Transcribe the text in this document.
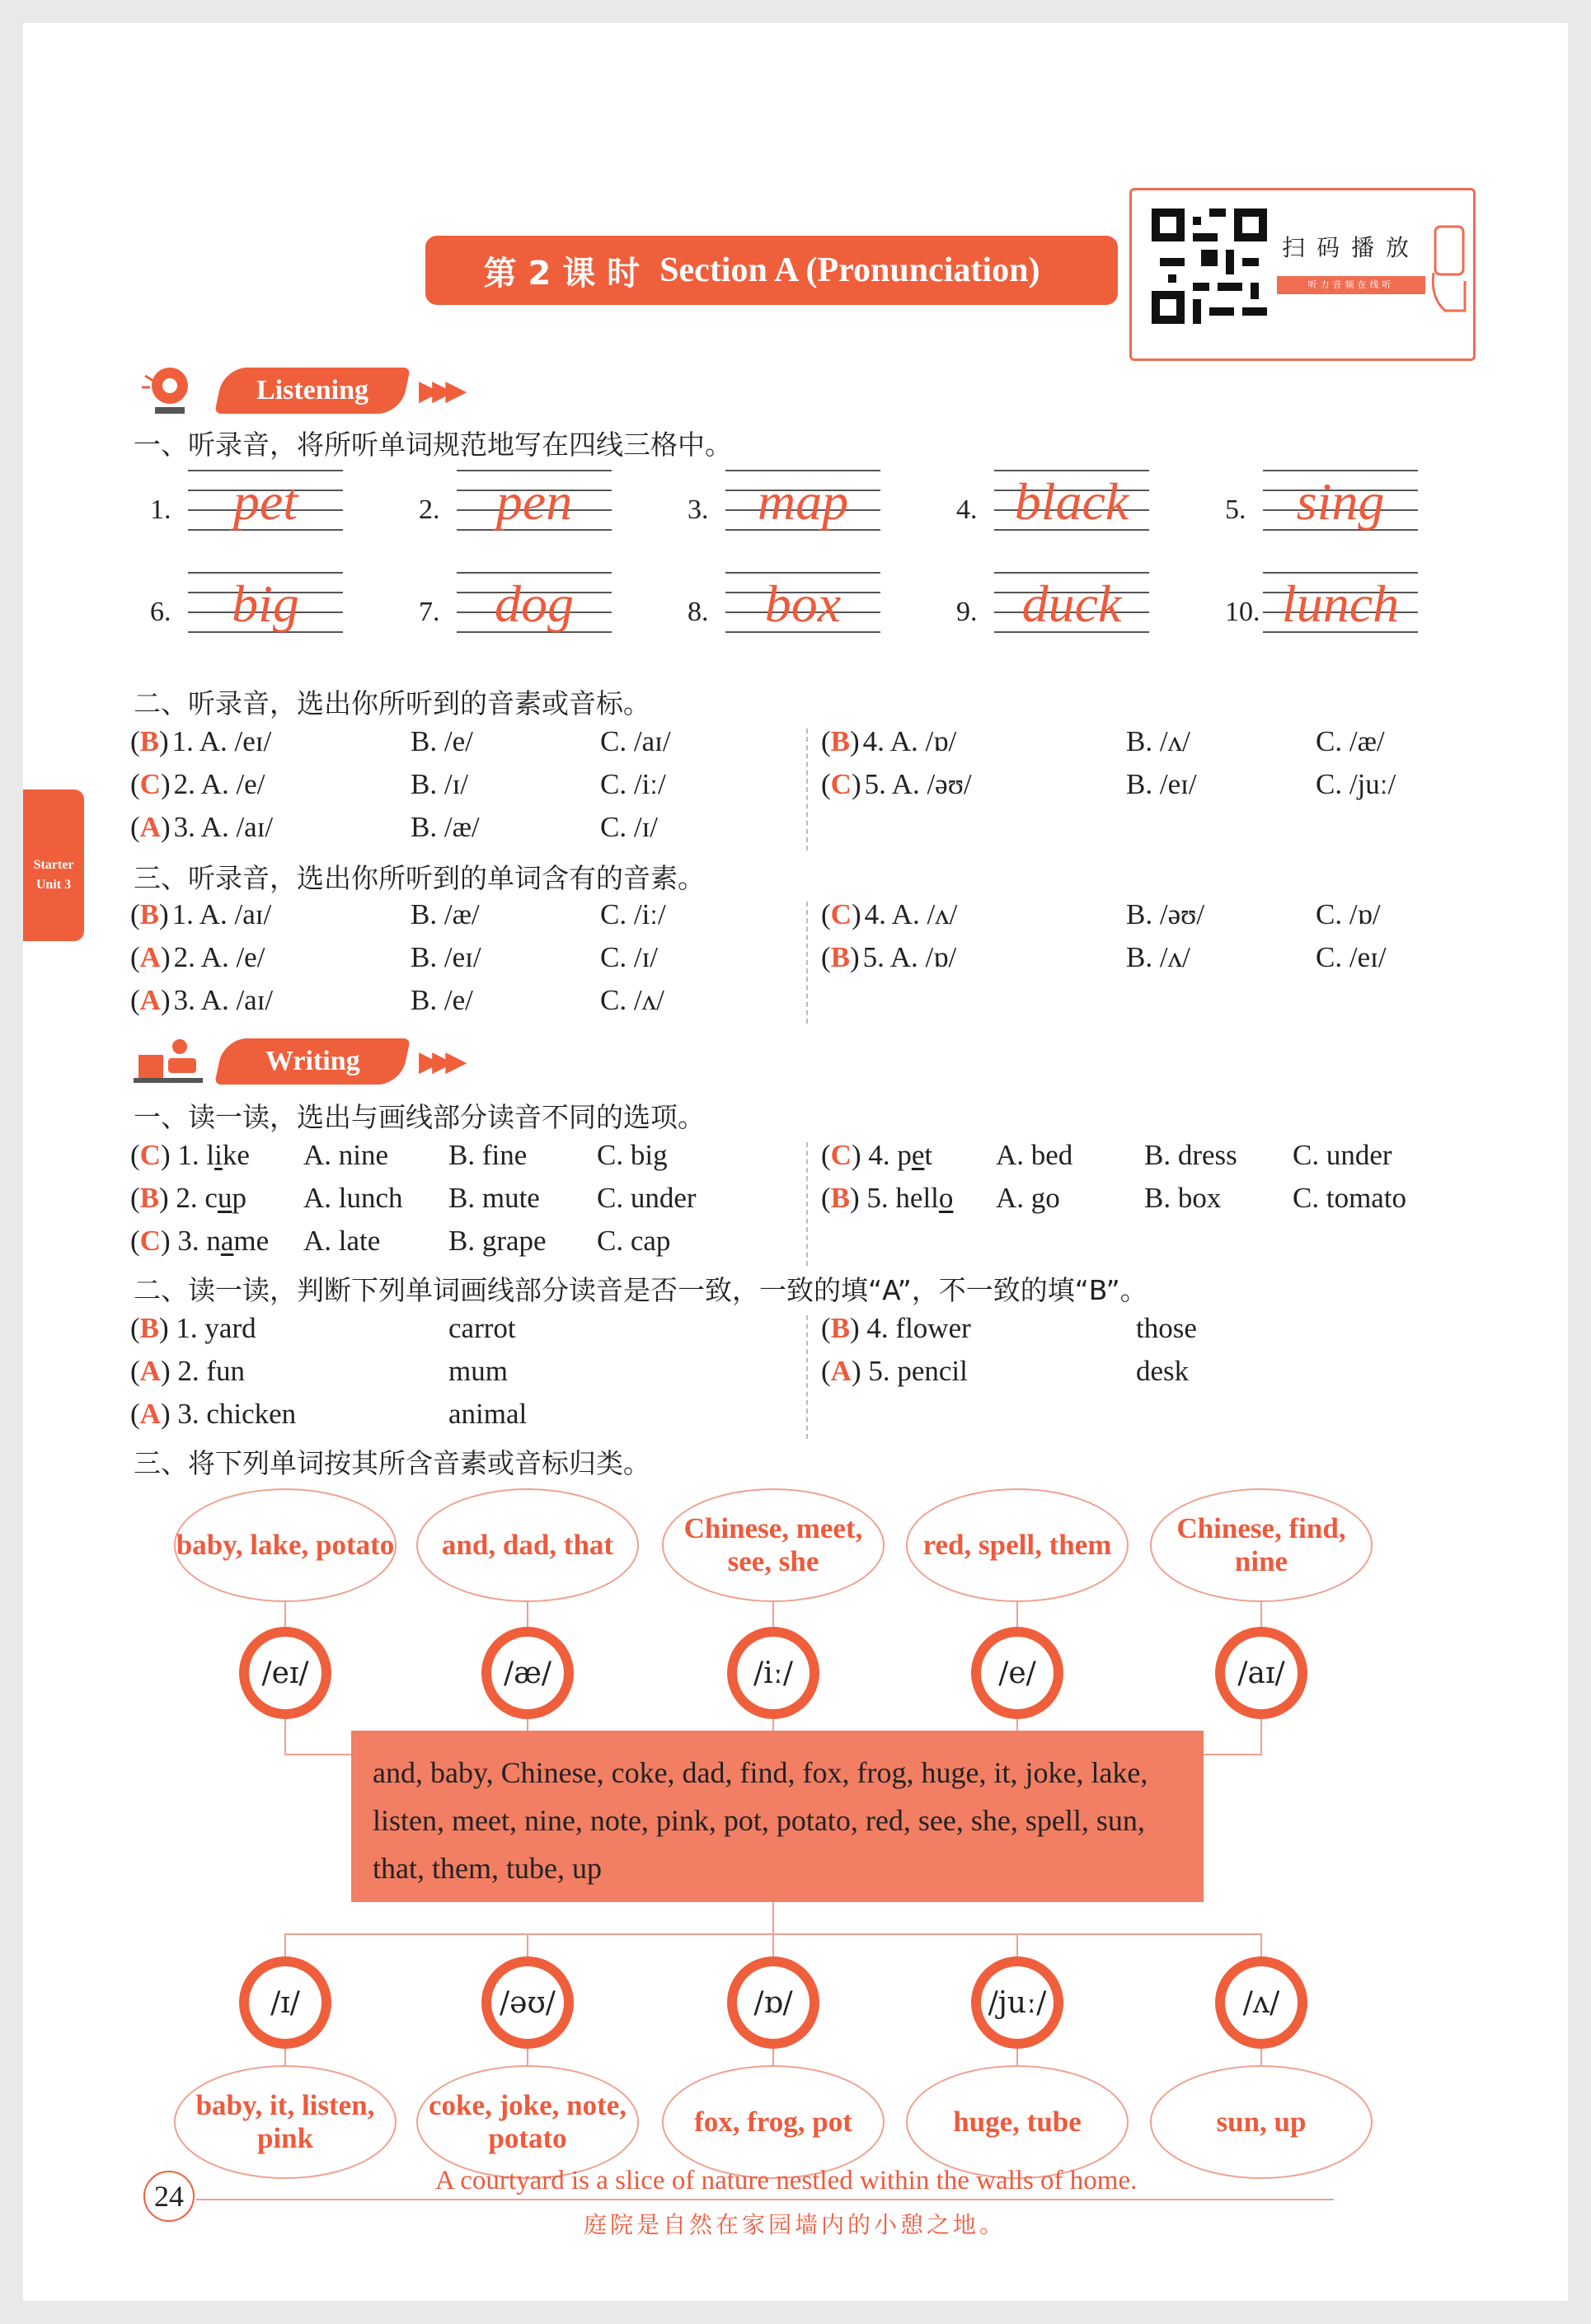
Starter
Unit 3
第 2 课 时 Section A (Pronunciation)
扫码播放
听力音频在线听
Listening ▶▶▶
一、听录音，将所听单词规范地写在四线三格中。
1.	pet	2.	pen	3. map	4. black	5. sing
6.	big	7.	dog	8.	box	9. duck	10. lunch
二、听录音，选出你所听到的音素或音标。
(B) 1. A. /eɪ/	B. /e/	C. /aɪ/
(C) 2. A. /e/	B. /ɪ/	C. /iː/
(A) 3. A. /aɪ/	B. /æ/	C. /ɪ/
(B) 4. A. /ɒ/	B. /ʌ/	C. /æ/
(C) 5. A. /əʊ/	B. /eɪ/	C. /juː/
三、听录音，选出你所听到的单词含有的音素。
(B) 1. A. /aɪ/	B. /æ/	C. /iː/
(A) 2. A. /e/	B. /eɪ/	C. /ɪ/
(A) 3. A. /aɪ/	B. /e/	C. /ʌ/
(C) 4. A. /ʌ/	B. /əʊ/	C. /ɒ/
(B) 5. A. /ɒ/	B. /ʌ/	C. /eɪ/
Writing ▶▶▶
一、读一读，选出与画线部分读音不同的选项。
(C) 1. like A. nine B. fine C. big
(B) 2. cup A. lunch B. mute C. under
(C) 3. name A. late B. grape C. cap
(C) 4. pet A. bed B. dress C. under
(B) 5. hello A. go	B. box C. tomato
二、读一读，判断下列单词画线部分读音是否一致，一致的填“A”，不一致的填“B”。
(B) 1. yard	carrot
(A) 2. fun	mum
(A) 3. chicken	animal
(B) 4. flower	those
(A) 5. pencil	desk
三、将下列单词按其所含音素或音标归类。
baby, lake, potato
/eɪ/
and, dad, that
/æ/
Chinese, meet, see, she
/iː/
red, spell, them
/e/
Chinese, find, nine
/aɪ/
/ɪ/
baby, it, listen, pink
/əʊ/
coke, joke, note, potato
/ɒ/
fox, frog, pot
/juː/
huge, tube
/ʌ/
sun, up
and, baby, Chinese, coke, dad, find, fox, frog, huge, it, joke, lake, listen, meet, nine, note, pink, pot, potato, red, see, she, spell, sun, that, them, tube, up
24	A courtyard is a slice of nature nestled within the walls of home.
庭院是自然在家园墙内的小憩之地。
